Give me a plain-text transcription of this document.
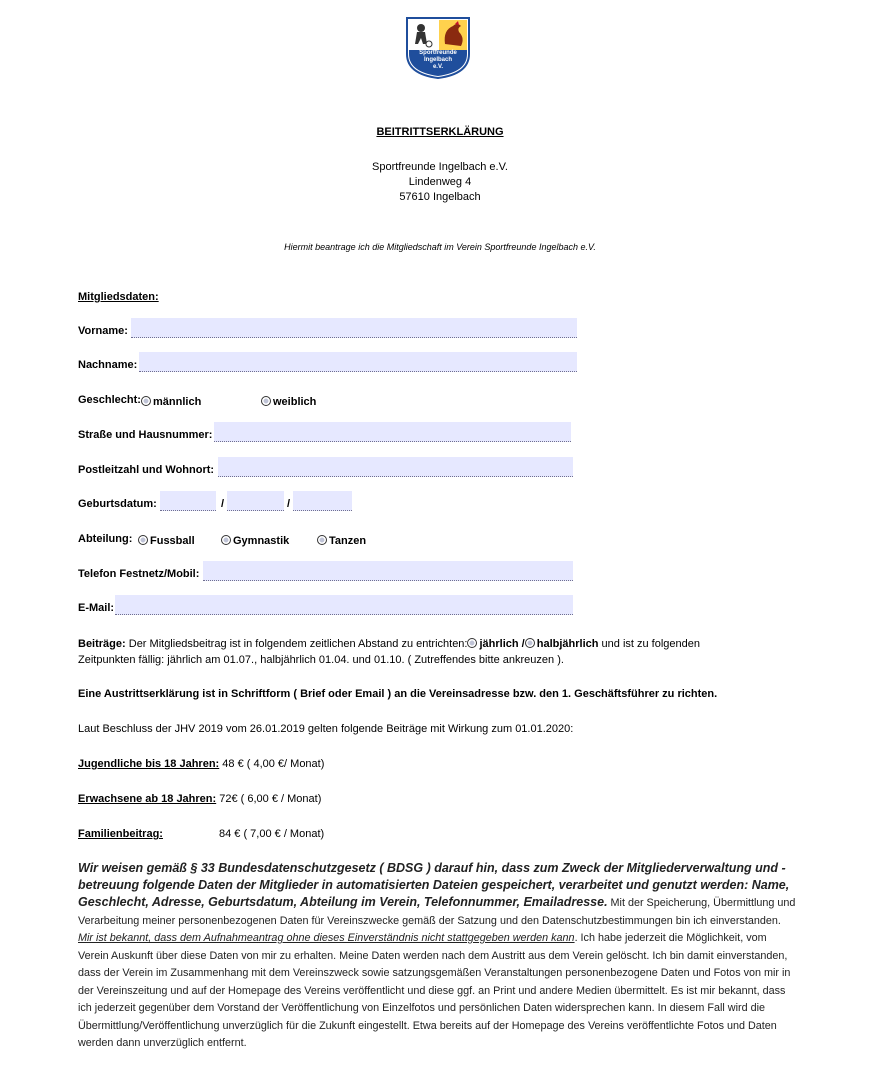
Sportfreunde
Ingelbach
e.V.
BEITRITTSERKLÄRUNG
Sportfreunde Ingelbach e.V.
Lindenweg 4
57610 Ingelbach
Hiermit beantrage ich die Mitgliedschaft im Verein Sportfreunde Ingelbach e.V.
Mitgliedsdaten:
Vorname:
Nachname:
Geschlecht:	männlich	weiblich
Straße und Hausnummer:
Postleitzahl und Wohnort:
Geburtsdatum:	/	/
Abteilung:	Fussball	Gymnastik	Tanzen
Telefon Festnetz/Mobil:
E-Mail:
Beiträge: Der Mitgliedsbeitrag ist in folgendem zeitlichen Abstand zu entrichten: jährlich / halbjährlich und ist zu folgenden
Zeitpunkten fällig: jährlich am 01.07., halbjährlich 01.04. und 01.10. ( Zutreffendes bitte ankreuzen ).
Eine Austrittserklärung ist in Schriftform ( Brief oder Email ) an die Vereinsadresse bzw. den 1. Geschäftsführer zu richten.
Laut Beschluss der JHV 2019 vom 26.01.2019 gelten folgende Beiträge mit Wirkung zum 01.01.2020:
Jugendliche bis 18 Jahren: 48 € ( 4,00 €/ Monat)
Erwachsene ab 18 Jahren: 72€ ( 6,00 € / Monat)
Familienbeitrag:	84 € ( 7,00 € / Monat)
Wir weisen gemäß § 33 Bundesdatenschutzgesetz ( BDSG ) darauf hin, dass zum Zweck der Mitgliederverwaltung und -betreuung folgende Daten der Mitglieder in automatisierten Dateien gespeichert, verarbeitet und genutzt werden: Name, Geschlecht, Adresse, Geburtsdatum, Abteilung im Verein, Telefonnummer, Emailadresse. Mit der Speicherung, Übermittlung und Verarbeitung meiner personenbezogenen Daten für Vereinszwecke gemäß der Satzung und den Datenschutzbestimmungen bin ich einverstanden. Mir ist bekannt, dass dem Aufnahmeantrag ohne dieses Einverständnis nicht stattgegeben werden kann. Ich habe jederzeit die Möglichkeit, vom Verein Auskunft über diese Daten von mir zu erhalten. Meine Daten werden nach dem Austritt aus dem Verein gelöscht. Ich bin damit einverstanden, dass der Verein im Zusammenhang mit dem Vereinszweck sowie satzungsgemäßen Veranstaltungen personenbezogene Daten und Fotos von mir in der Vereinszeitung und auf der Homepage des Vereins veröffentlicht und diese ggf. an Print und andere Medien übermittelt. Es ist mir bekannt, dass ich jederzeit gegenüber dem Vorstand der Veröffentlichung von Einzelfotos und persönlichen Daten widersprechen kann. In diesem Fall wird die Übermittlung/Veröffentlichung unverzüglich für die Zukunft eingestellt. Etwa bereits auf der Homepage des Vereins veröffentlichte Fotos und Daten werden dann unverzüglich entfernt.
